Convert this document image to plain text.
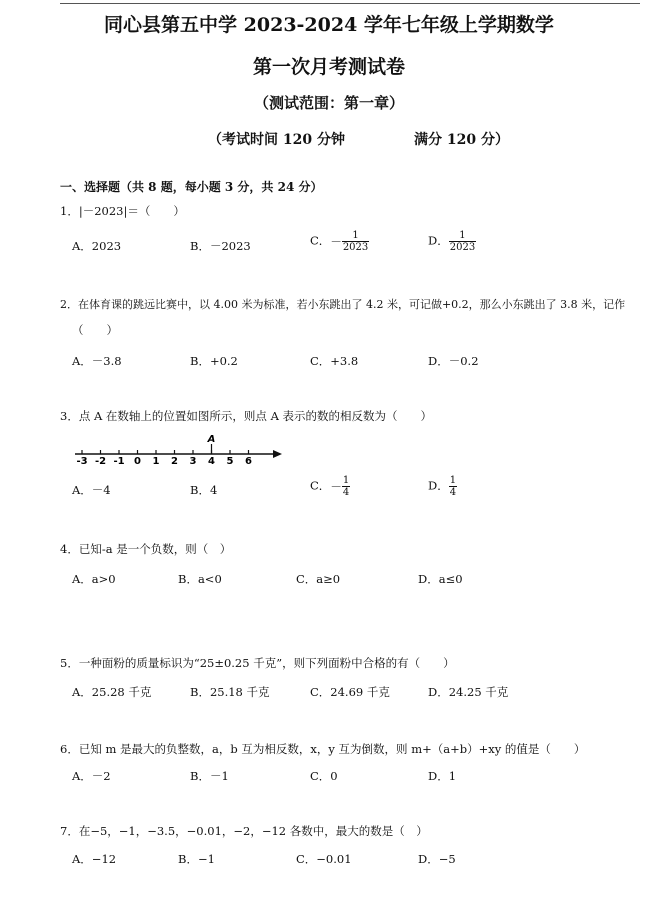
同心县第五中学 2023-2024 学年七年级上学期数学
第一次月考测试卷
（测试范围：第一章）
（考试时间 120 分钟	满分 120 分）
一、选择题（共 8 题，每小题 3 分，共 24 分）
1．|－2023|＝（　　）
A．2023	B．－2023	C．－ $\frac{1}{2023}$	D． $\frac{1}{2023}$
2．在体育课的跳远比赛中，以 4.00 米为标准，若小东跳出了 4.2 米，可记做+0.2，那么小东跳出了 3.8 米，记作
（　　）
A．－3.8	B．+0.2	C．+3.8	D．－0.2
3．点 A 在数轴上的位置如图所示，则点 A 表示的数的相反数为（　　）
-3 -2 -1 0 1 2 3 4 5 6
A
A．－4	B．4	C．－ $\frac{1}{4}$	D． $\frac{1}{4}$
4．已知-a 是一个负数，则（　）
A．a>0	B．a<0	C．a≥0	D．a≤0
5．一种面粉的质量标识为“25±0.25 千克”，则下列面粉中合格的有（　　）
A．25.28 千克	B．25.18 千克	C．24.69 千克	D．24.25 千克
6．已知 m 是最大的负整数，a，b 互为相反数，x，y 互为倒数，则 m+（a+b）+xy 的值是（　　）
A．－2	B．－1	C．0	D．1
7．在−5，−1，−3.5，−0.01，−2，−12 各数中，最大的数是（　）
A．−12	B．−1	C．−0.01	D．−5
